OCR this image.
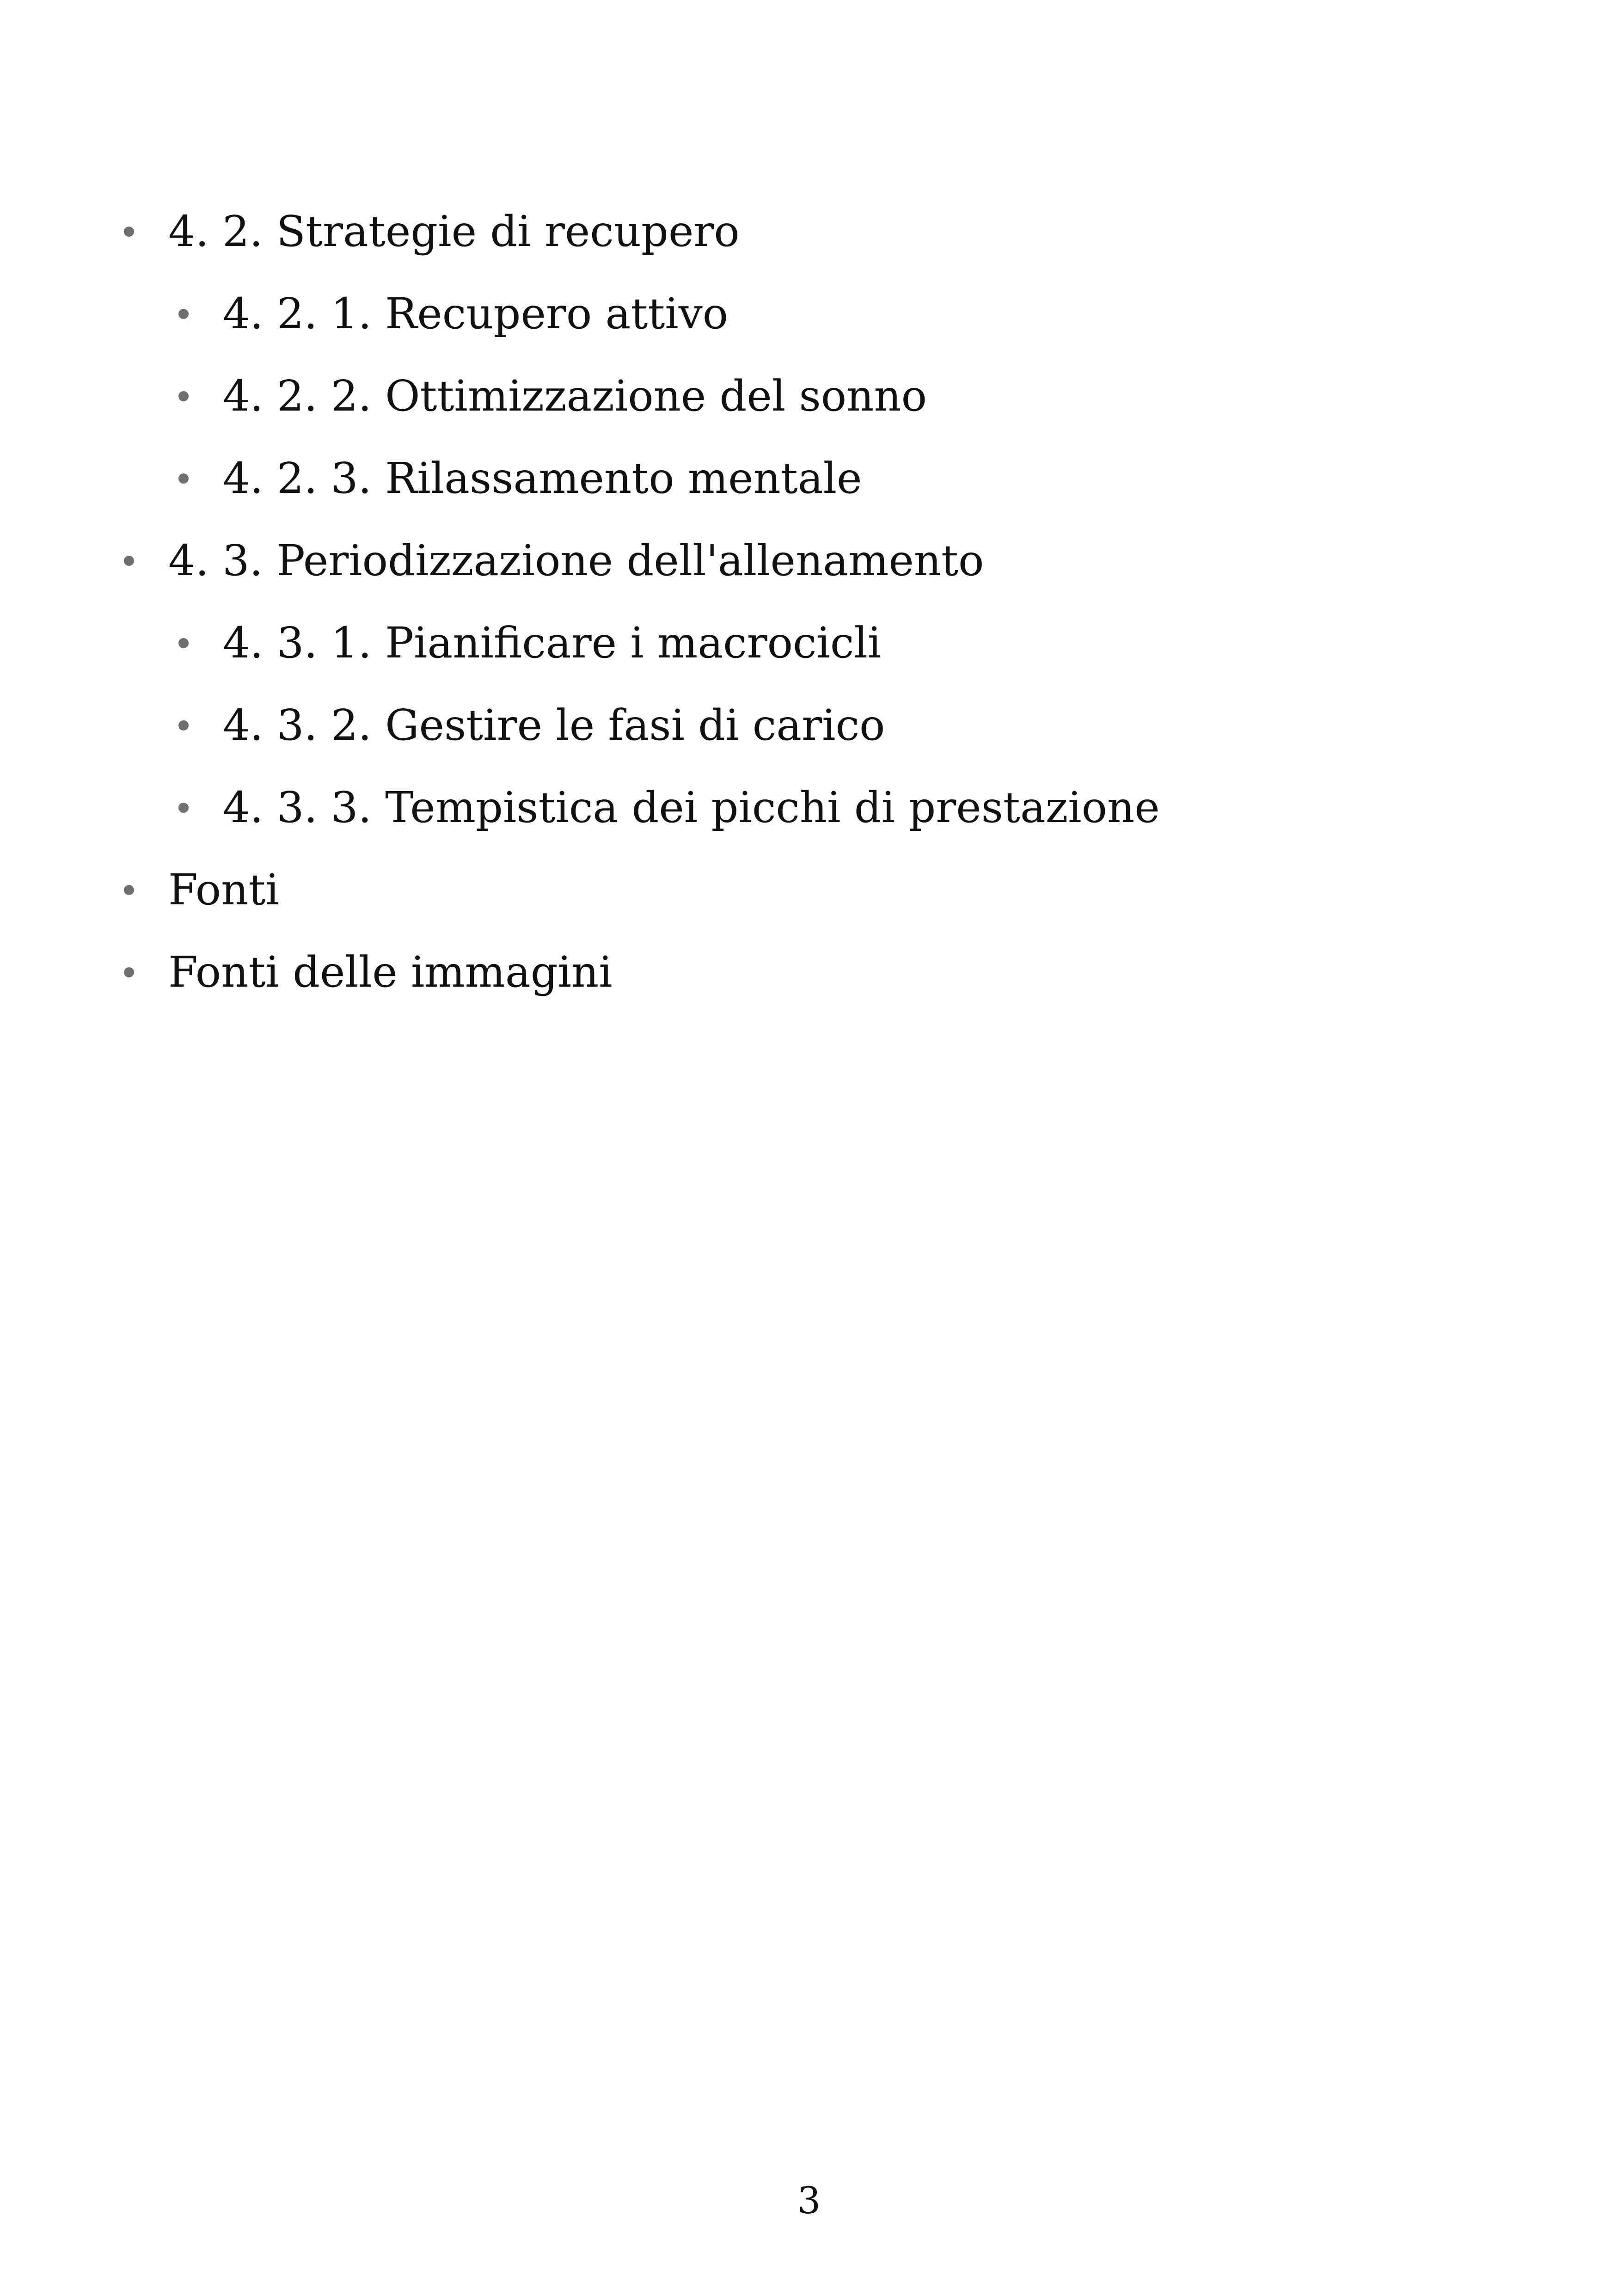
4. 2. Strategie di recupero
4. 2. 1. Recupero attivo
4. 2. 2. Ottimizzazione del sonno
4. 2. 3. Rilassamento mentale
4. 3. Periodizzazione dell'allenamento
4. 3. 1. Pianificare i macrocicli
4. 3. 2. Gestire le fasi di carico
4. 3. 3. Tempistica dei picchi di prestazione
Fonti
Fonti delle immagini
3
